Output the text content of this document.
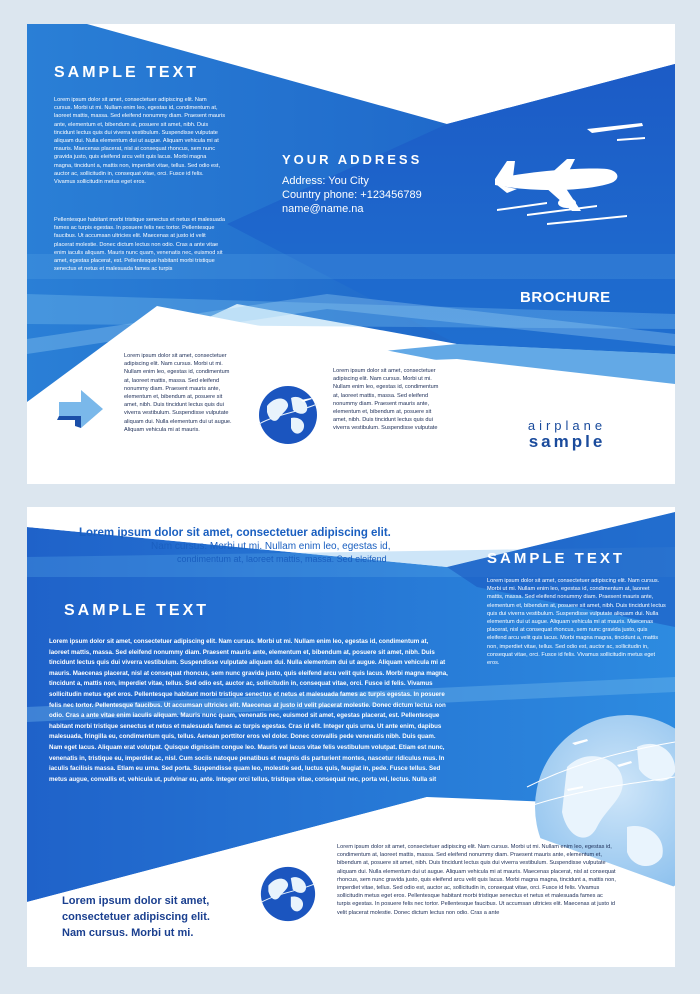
SAMPLE TEXT

Lorem ipsum dolor sit amet, consectetuer adipiscing elit. Nam cursus. Morbi ut mi. Nullam enim leo, egestas id, condimentum at, laoreet mattis, massa. Sed eleifend nonummy diam. Praesent mauris ante, elementum et, bibendum at, posuere sit amet, nibh. Duis tincidunt lectus quis dui viverra vestibulum. Suspendisse vulputate aliquam dui. Nulla elementum dui ut augue. Aliquam vehicula mi at mauris. Maecenas placerat, nisl at consequat rhoncus, sem nunc gravida justo, quis eleifend arcu velit quis lacus. Morbi magna magna, tincidunt a, mattis non, imperdiet vitae, tellus. Sed odio est, auctor ac, sollicitudin in, consequat vitae, orci. Fusce id felis. Vivamus sollicitudin metus eget eros.

Pellentesque habitant morbi tristique senectus et netus et malesuada fames ac turpis egestas. In posuere felis nec tortor. Pellentesque faucibus. Ut accumsan ultricies elit. Maecenas at justo id velit placerat molestie. Donec dictum lectus non odio. Cras a ante vitae enim iaculis aliquam. Mauris nunc quam, venenatis nec, euismod sit amet, egestas placerat, est. Pellentesque habitant morbi tristique senectus et netus et malesuada fames ac turpis

YOUR ADDRESS
Address: You City
Country phone: +123456789
name@name.na
BROCHURE

Lorem ipsum dolor sit amet, consectetuer adipiscing elit. Nam cursus. Morbi ut mi. Nullam enim leo, egestas id, condimentum at, laoreet mattis, massa. Sed eleifend nonummy diam. Praesent mauris ante, elementum et, bibendum at, posuere sit amet, nibh. Duis tincidunt lectus quis dui viverra vestibulum. Suspendisse vulputate aliquam dui. Nulla elementum dui ut augue. Aliquam vehicula mi at mauris.

Lorem ipsum dolor sit amet, consectetuer adipiscing elit. Nam cursus. Morbi ut mi. Nullam enim leo, egestas id, condimentum at, laoreet mattis, massa. Sed eleifend nonummy diam. Praesent mauris ante, elementum et, bibendum at, posuere sit amet, nibh. Duis tincidunt lectus quis dui viverra vestibulum. Suspendisse vulputate	airplane
sample
Lorem ipsum dolor sit amet, consectetuer adipiscing elit.
Nam cursus. Morbi ut mi. Nullam enim leo, egestas id,
condimentum at, laoreet mattis, massa. Sed eleifend
SAMPLE TEXT
SAMPLE TEXT

Lorem ipsum dolor sit amet, consectetuer adipiscing elit. Nam cursus. Morbi ut mi. Nullam enim leo, egestas id, condimentum at, laoreet mattis, massa. Sed eleifend nonummy diam. Praesent mauris ante, elementum et, bibendum at, posuere sit amet, nibh. Duis tincidunt lectus quis dui viverra vestibulum. Suspendisse vulputate aliquam dui. Nulla elementum dui ut augue. Aliquam vehicula mi at mauris. Maecenas placerat, nisl at consequat rhoncus, sem nunc gravida justo, quis eleifend arcu velit quis lacus. Morbi magna magna, tincidunt a, mattis non, imperdiet vitae, tellus. Sed odio est, auctor ac, sollicitudin in, consequat vitae, orci. Fusce id felis. Vivamus sollicitudin metus eget eros. Pellentesque habitant morbi tristique senectus et netus et malesuada fames ac turpis egestas. In posuere felis nec tortor. Pellentesque faucibus. Ut accumsan ultricies elit. Maecenas at justo id velit placerat molestie. Donec dictum lectus non odio. Cras a ante vitae enim iaculis aliquam. Mauris nunc quam, venenatis nec, euismod sit amet, egestas placerat, est. Pellentesque habitant morbi tristique senectus et netus et malesuada fames ac turpis egestas. Cras id elit. Integer quis urna. Ut ante enim, dapibus malesuada, fringilla eu, condimentum quis, tellus. Aenean porttitor eros vel dolor. Donec convallis pede venenatis nibh. Duis quam. Nam eget lacus. Aliquam erat volutpat. Quisque dignissim congue leo. Mauris vel lacus vitae felis vestibulum volutpat. Etiam est nunc, venenatis in, tristique eu, imperdiet ac, nisl. Cum sociis natoque penatibus et magnis dis parturient montes, nascetur ridiculus mus. In iaculis facilisis massa. Etiam eu urna. Sed porta. Suspendisse quam leo, molestie sed, luctus quis, feugiat in, pede. Fusce tellus. Sed metus augue, convallis et, vehicula ut, pulvinar eu, ante. Integer orci tellus, tristique vitae, consequat nec, porta vel, lectus. Nulla sit

Lorem ipsum dolor sit amet, consectetuer adipiscing elit. Nam cursus. Morbi ut mi. Nullam enim leo, egestas id, condimentum at, laoreet mattis, massa. Sed eleifend nonummy diam. Praesent mauris ante, elementum et, bibendum at, posuere sit amet, nibh. Duis tincidunt lectus quis dui viverra vestibulum. Suspendisse vulputate aliquam dui. Nulla elementum dui ut augue. Aliquam vehicula mi at mauris. Maecenas placerat, nisl at consequat rhoncus, sem nunc gravida justo, quis eleifend arcu velit quis lacus. Morbi magna magna, tincidunt a, mattis non, imperdiet vitae, tellus. Sed odio est, auctor ac, sollicitudin in, consequat vitae, orci. Fusce id felis. Vivamus sollicitudin metus eget eros.

Lorem ipsum dolor sit amet, consectetuer adipiscing elit. Nam cursus. Morbi ut mi. Nullam enim leo, egestas id, condimentum at, laoreet mattis, massa. Sed eleifend nonummy diam. Praesent mauris ante, elementum et, bibendum at, posuere sit amet, nibh. Duis tincidunt lectus quis dui viverra vestibulum. Suspendisse vulputate aliquam dui. Nulla elementum dui ut augue. Aliquam vehicula mi at mauris. Maecenas placerat, nisl at consequat rhoncus, sem nunc gravida justo, quis eleifend arcu velit quis lacus. Morbi magna magna, tincidunt a, mattis non, imperdiet vitae, tellus. Sed odio est, auctor ac, sollicitudin in, consequat vitae, orci. Fusce id felis. Vivamus sollicitudin metus eget eros. Pellentesque habitant morbi tristique senectus et netus et malesuada fames ac turpis egestas. In posuere felis nec tortor. Pellentesque faucibus. Ut accumsan ultricies elit. Maecenas at justo id velit placerat molestie. Donec dictum lectus non odio. Cras a ante

Lorem ipsum dolor sit amet,
consectetuer adipiscing elit.
Nam cursus. Morbi ut mi.
